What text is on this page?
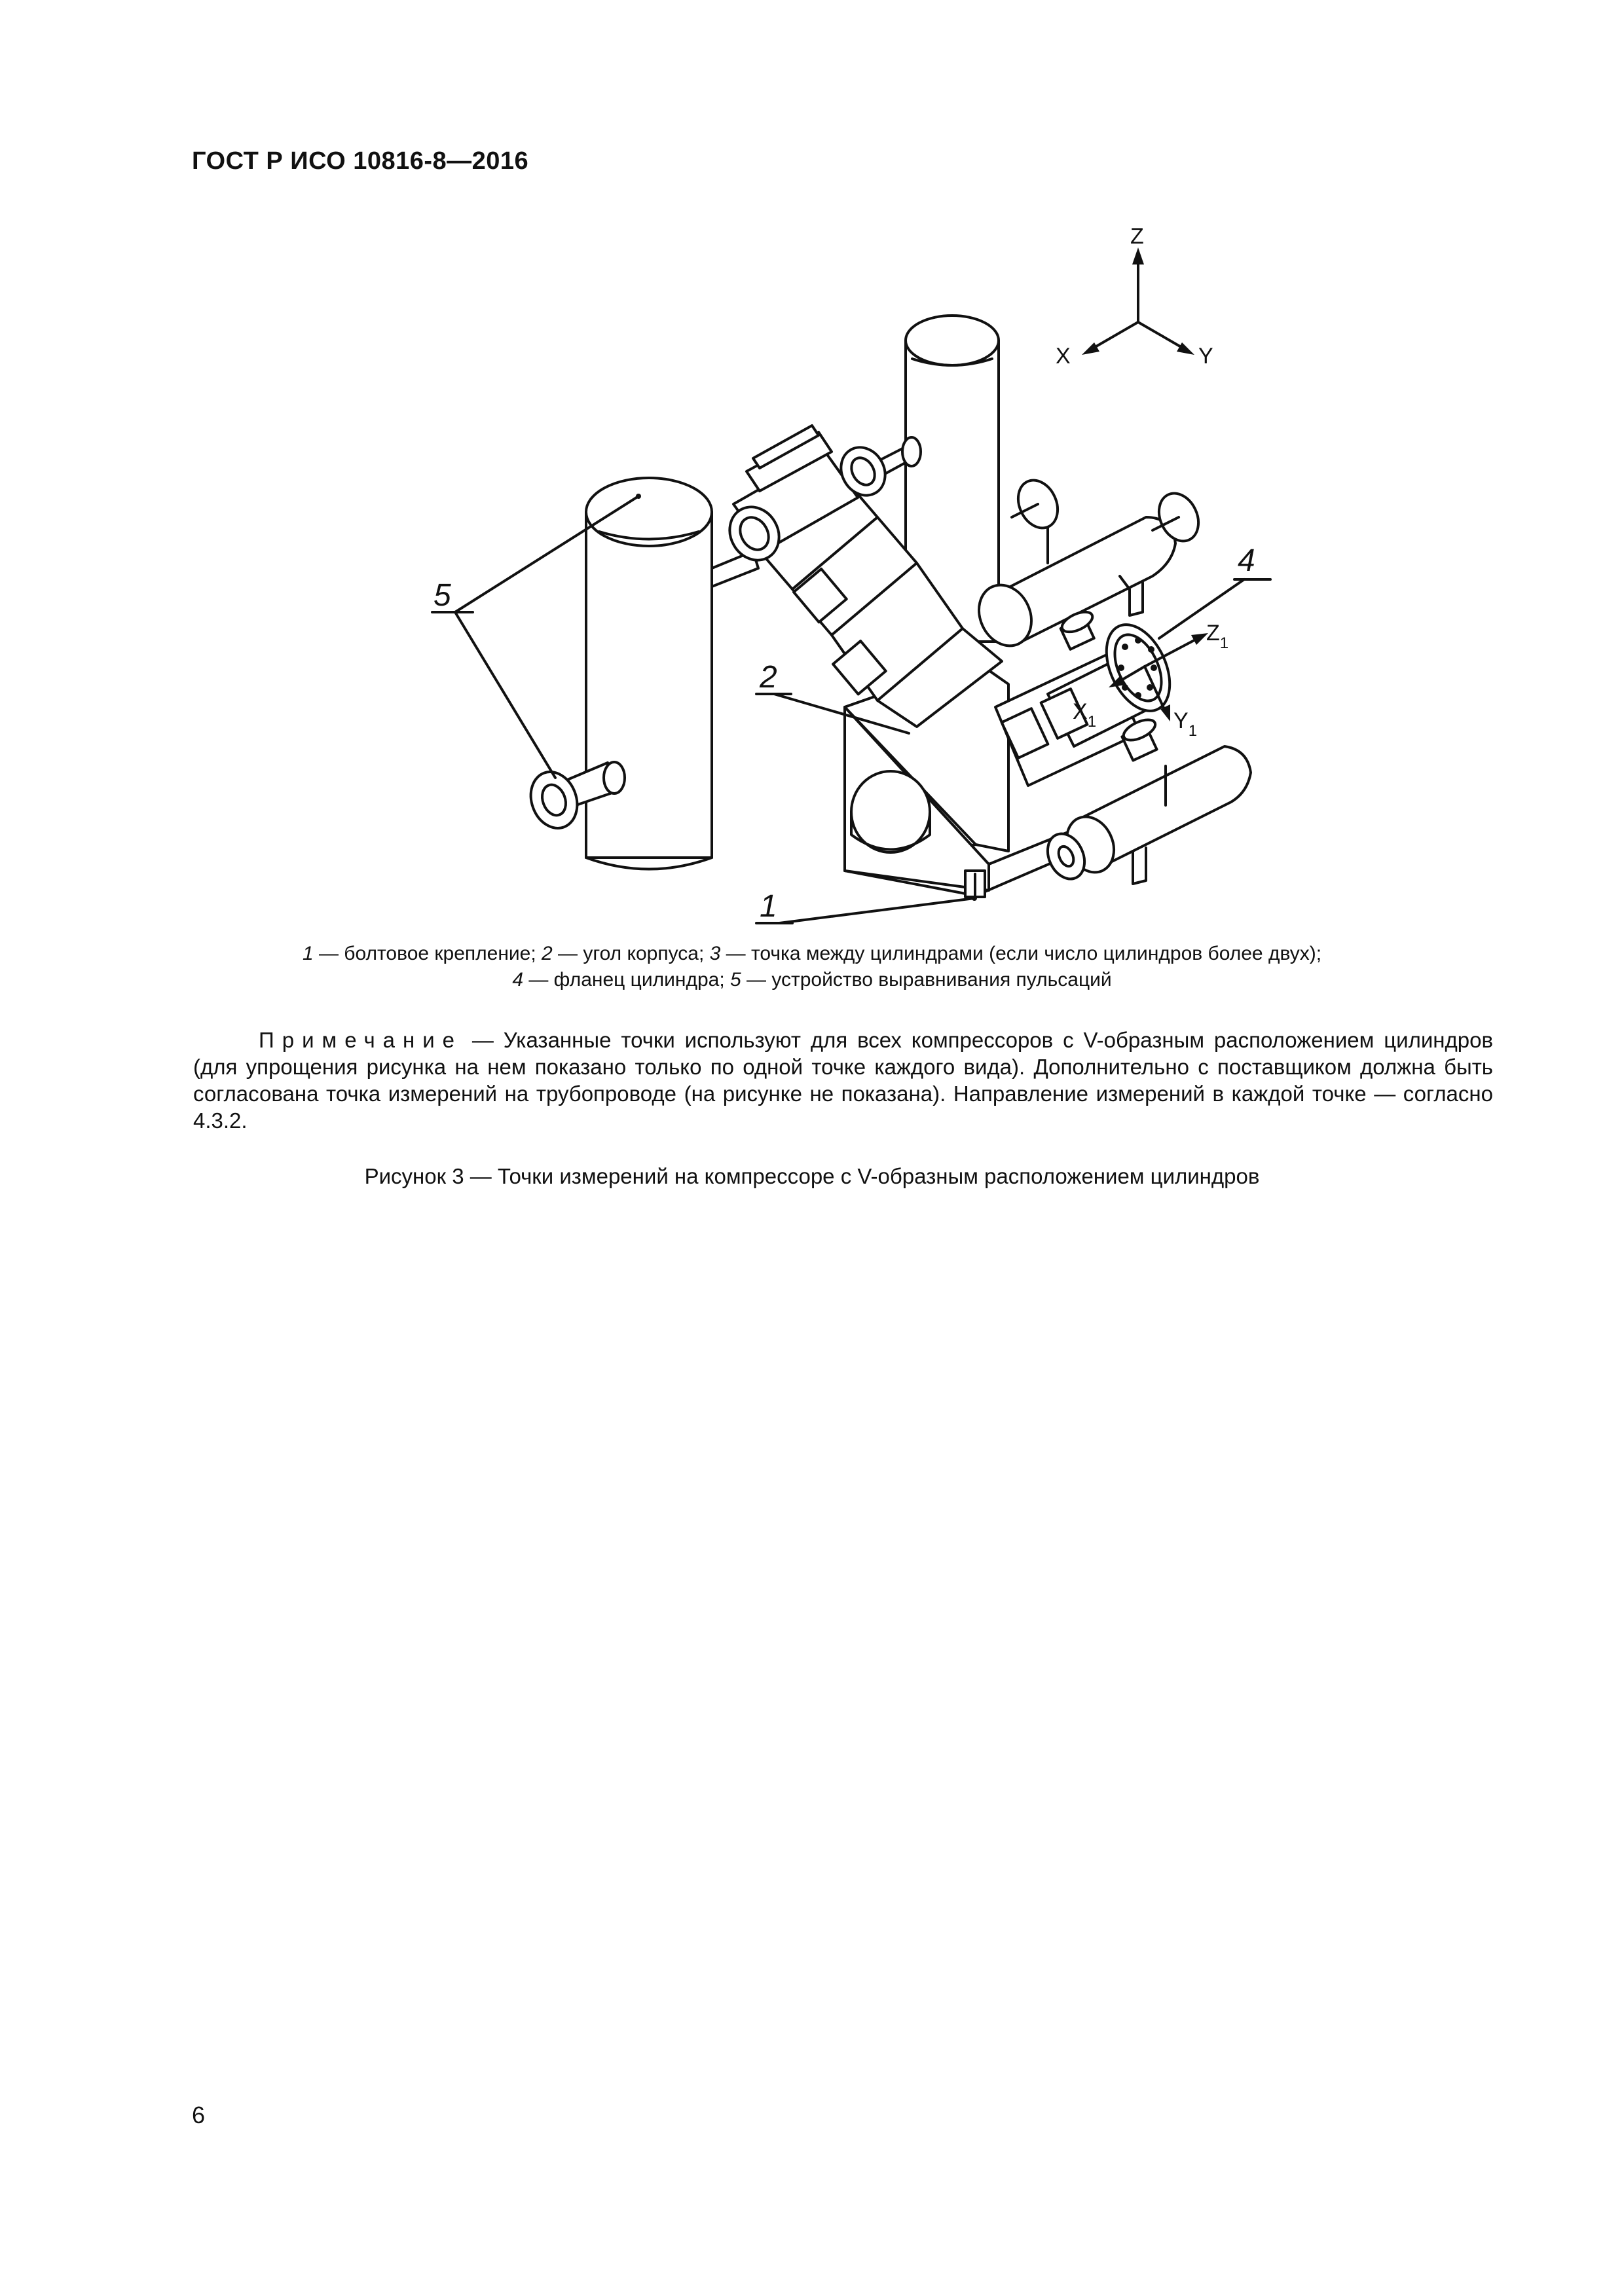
ГОСТ Р ИСО 10816-8—2016
Z
X	Y
$Z_1$
$X_1$	$Y_1$
5
2
4
1
1 — болтовое крепление; 2 — угол корпуса; 3 — точка между цилиндрами (если число цилиндров более двух);
4 — фланец цилиндра; 5 — устройство выравнивания пульсаций
Примечание — Указанные точки используют для всех компрессоров с V-образным расположением цилиндров (для упрощения рисунка на нем показано только по одной точке каждого вида). Дополнительно с поставщиком должна быть согласована точка измерений на трубопроводе (на рисунке не показана). Направление измерений в каждой точке — согласно 4.3.2.
Рисунок 3 — Точки измерений на компрессоре с V-образным расположением цилиндров
6
